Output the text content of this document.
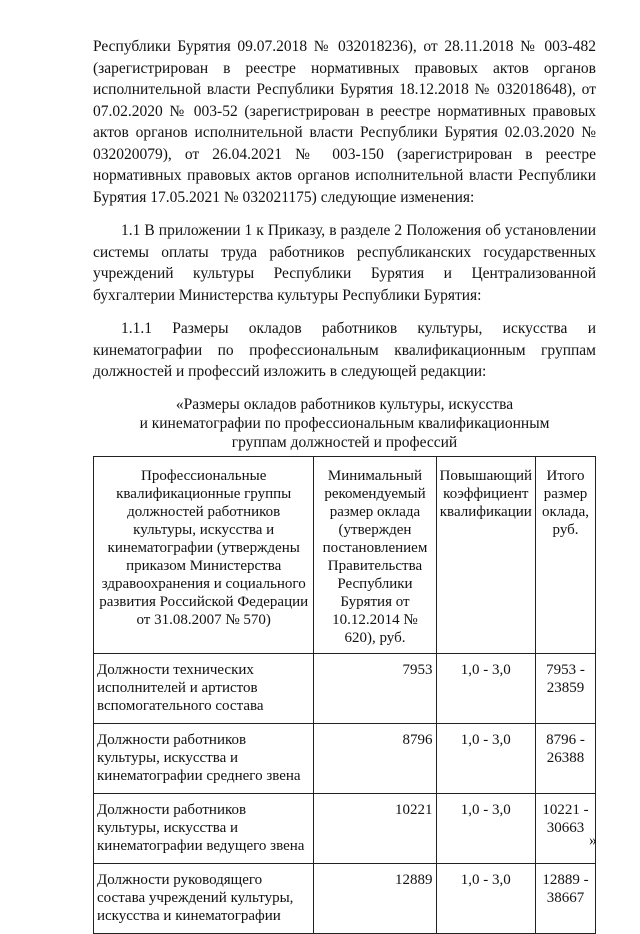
Республики Бурятия 09.07.2018 № 032018236), от 28.11.2018 № 003-482 (зарегистрирован в реестре нормативных правовых актов органов исполнительной власти Республики Бурятия 18.12.2018 № 032018648), от 07.02.2020 № 003-52 (зарегистрирован в реестре нормативных правовых актов органов исполнительной власти Республики Бурятия 02.03.2020 № 032020079), от 26.04.2021 № 003-150 (зарегистрирован в реестре нормативных правовых актов органов исполнительной власти Республики Бурятия 17.05.2021 № 032021175) следующие изменения:

1.1 В приложении 1 к Приказу, в разделе 2 Положения об установлении системы оплаты труда работников республиканских государственных учреждений культуры Республики Бурятия и Централизованной бухгалтерии Министерства культуры Республики Бурятия:

1.1.1 Размеры окладов работников культуры, искусства и кинематографии по профессиональным квалификационным группам должностей и профессий изложить в следующей редакции:

«Размеры окладов работников культуры, искусства
и кинематографии по профессиональным квалификационным
группам должностей и профессий
Профессиональные квалификационные группы должностей работников культуры, искусства и кинематографии (утверждены приказом Министерства здравоохранения и социального развития Российской Федерации от 31.08.2007 № 570)	Минимальный рекомендуемый размер оклада (утвержден постановлением Правительства Республики Бурятия от 10.12.2014 № 620), руб.	Повышающий коэффициент квалификации	Итого размер оклада, руб.
Должности технических исполнителей и артистов вспомогательного состава	7953	1,0 - 3,0	7953 - 23859
Должности работников культуры, искусства и кинематографии среднего звена	8796	1,0 - 3,0	8796 - 26388
Должности работников культуры, искусства и кинематографии ведущего звена	10221	1,0 - 3,0	10221 - 30663
Должности руководящего состава учреждений культуры, искусства и кинематографии	12889	1,0 - 3,0	12889 - 38667
»
